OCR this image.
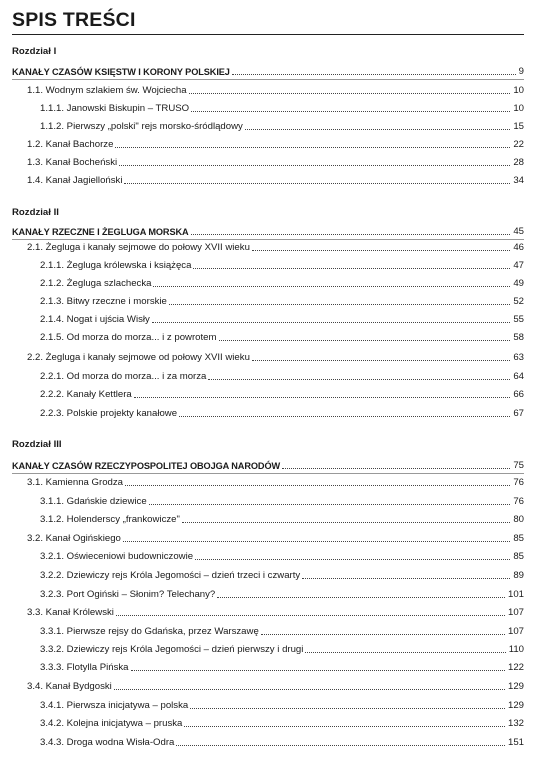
SPIS TREŚCI
Rozdział I
KANAŁY CZASÓW KSIĘSTW I KORONY POLSKIEJ	9
1.1. Wodnym szlakiem św. Wojciecha	10
1.1.1. Janowski Biskupin – TRUSO	10
1.1.2. Pierwszy „polski" rejs morsko-śródlądowy	15
1.2. Kanał Bachorze	22
1.3. Kanał Bocheński	28
1.4. Kanał Jagielloński	34
Rozdział II
KANAŁY RZECZNE I ŻEGLUGA MORSKA	45
2.1. Żegluga i kanały sejmowe do połowy XVII wieku	46
2.1.1. Żegluga królewska i książęca	47
2.1.2. Żegluga szlachecka	49
2.1.3. Bitwy rzeczne i morskie	52
2.1.4. Nogat i ujścia Wisły	55
2.1.5. Od morza do morza... i z powrotem	58
2.2. Żegluga i kanały sejmowe od połowy XVII wieku	63
2.2.1. Od morza do morza... i za morza	64
2.2.2. Kanały Kettlera	66
2.2.3. Polskie projekty kanałowe	67
Rozdział III
KANAŁY CZASÓW RZECZYPOSPOLITEJ OBOJGA NARODÓW	75
3.1. Kamienna Grodza	76
3.1.1. Gdańskie dziewice	76
3.1.2. Holenderscy „frankowicze"	80
3.2. Kanał Ogińskiego	85
3.2.1. Oświeceniowi budowniczowie	85
3.2.2. Dziewiczy rejs Króla Jegomości – dzień trzeci i czwarty	89
3.2.3. Port Ogiński – Słonim? Telechany?	101
3.3. Kanał Królewski	107
3.3.1. Pierwsze rejsy do Gdańska, przez Warszawę	107
3.3.2. Dziewiczy rejs Króla Jegomości – dzień pierwszy i drugi	110
3.3.3. Flotylla Pińska	122
3.4. Kanał Bydgoski	129
3.4.1. Pierwsza inicjatywa – polska	129
3.4.2. Kolejna inicjatywa – pruska	132
3.4.3. Droga wodna Wisła-Odra	151
